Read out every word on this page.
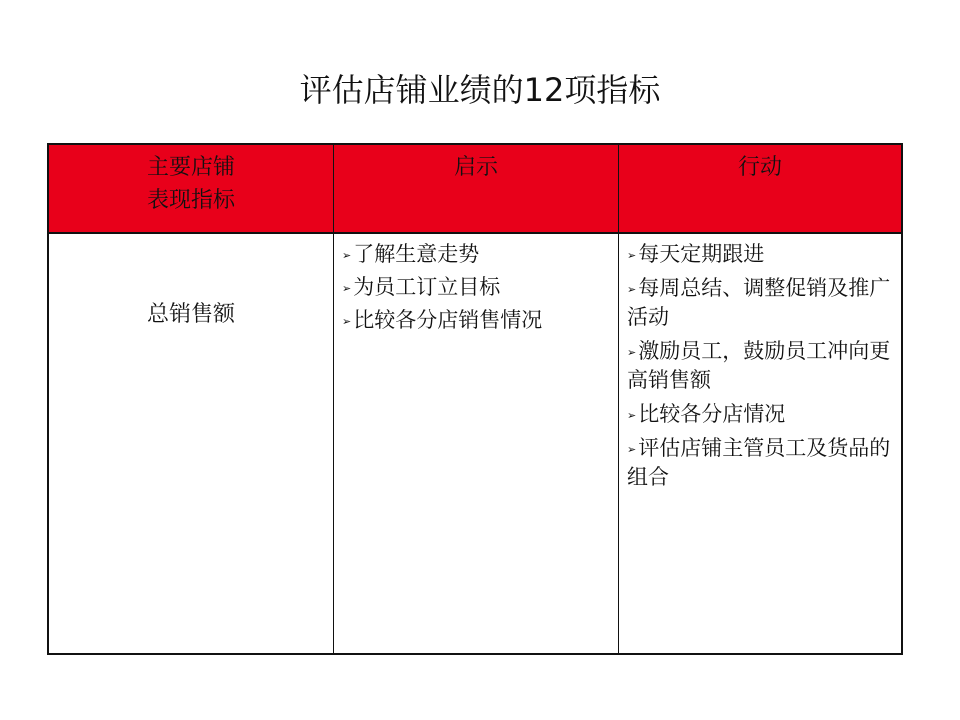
评估店铺业绩的12项指标
主要店铺
表现指标
启示	行动
总销售额
➢了解生意走势
➢为员工订立目标
➢比较各分店销售情况
➢每天定期跟进
➢每周总结、调整促销及推广活动
➢激励员工，鼓励员工冲向更高销售额
➢比较各分店情况
➢评估店铺主管员工及货品的组合
